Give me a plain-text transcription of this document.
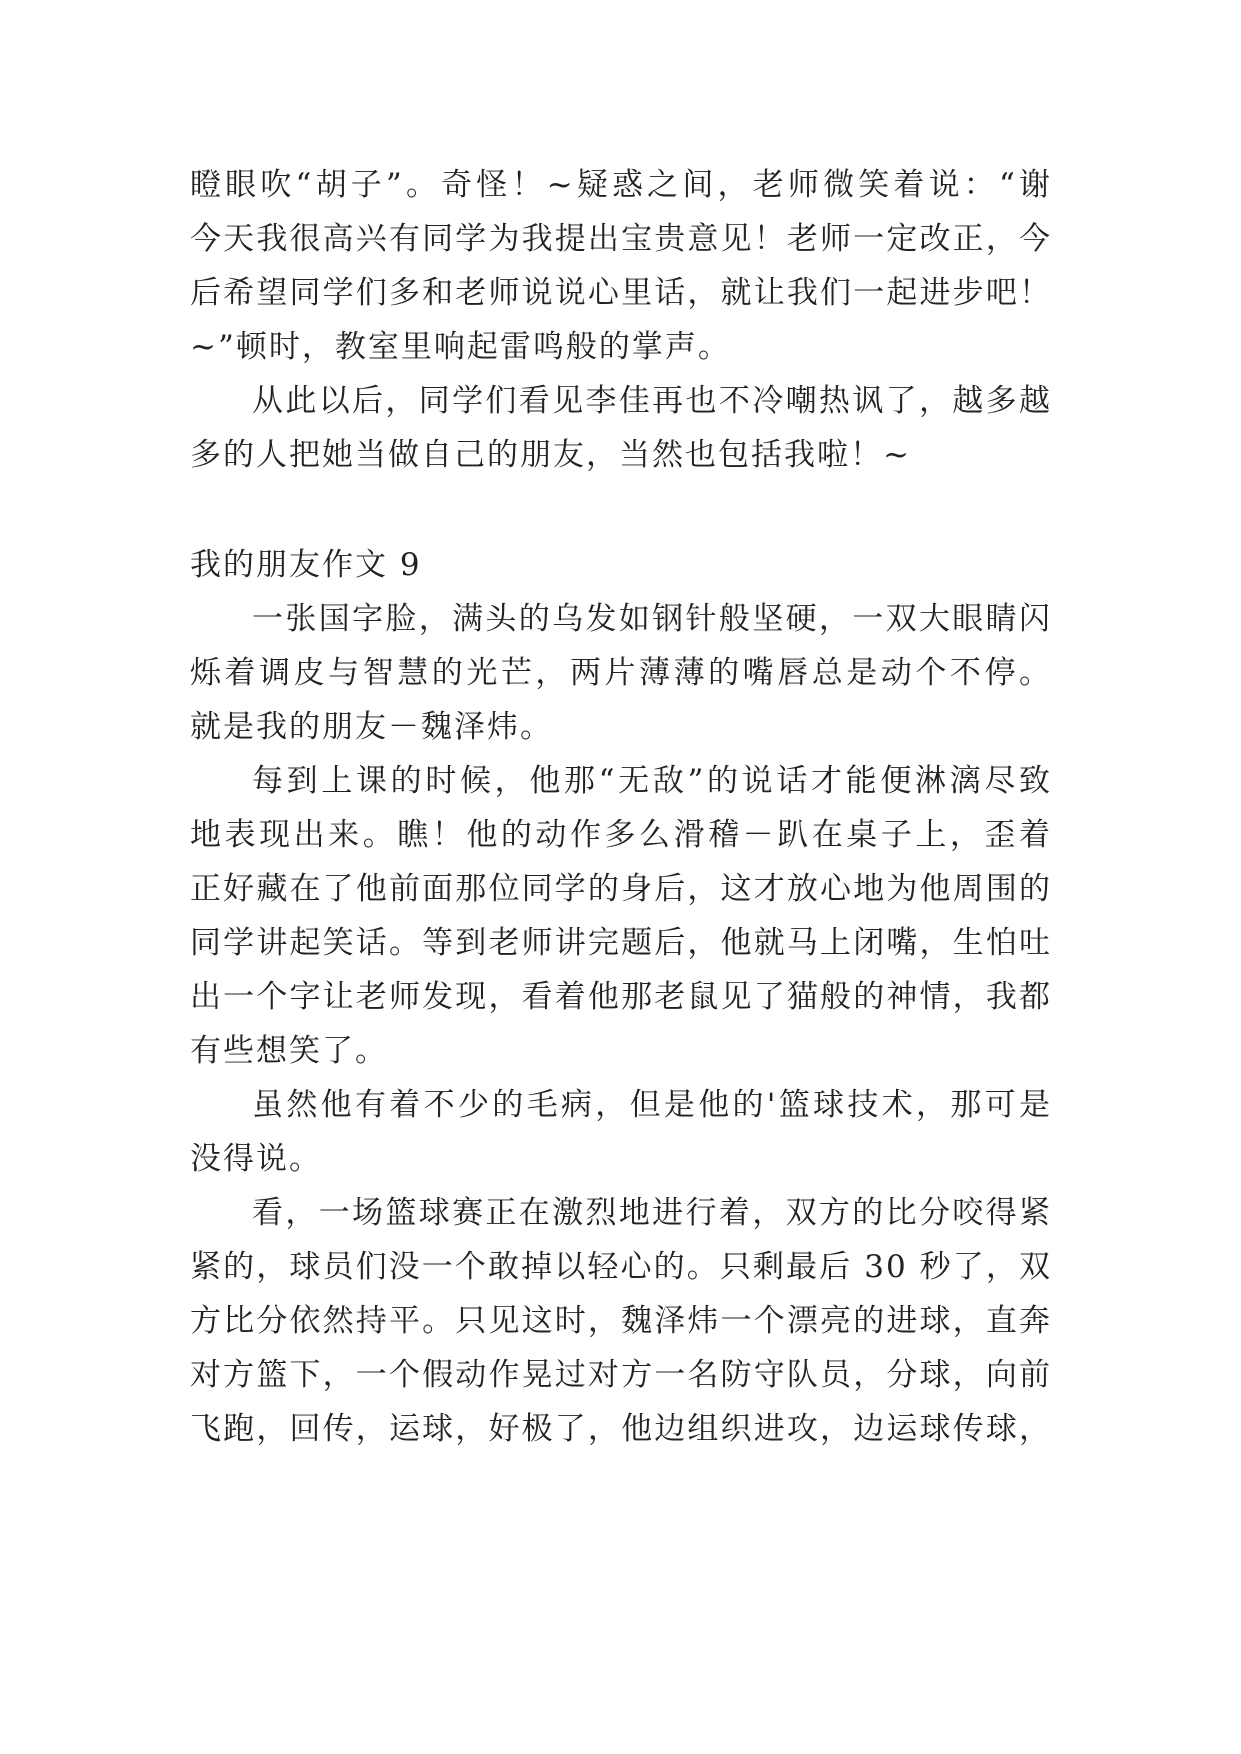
瞪眼吹“胡子”。奇怪！~疑惑之间，老师微笑着说：“谢
今天我很高兴有同学为我提出宝贵意见！老师一定改正，今
后希望同学们多和老师说说心里话，就让我们一起进步吧！
~”顿时，教室里响起雷鸣般的掌声。

从此以后，同学们看见李佳再也不冷嘲热讽了，越多越
多的人把她当做自己的朋友，当然也包括我啦！~

我的朋友作文 9

一张国字脸，满头的乌发如钢针般坚硬，一双大眼睛闪
烁着调皮与智慧的光芒，两片薄薄的嘴唇总是动个不停。
就是我的朋友－魏泽炜。

每到上课的时候，他那“无敌”的说话才能便淋漓尽致
地表现出来。瞧！他的动作多么滑稽－趴在桌子上，歪着
正好藏在了他前面那位同学的身后，这才放心地为他周围的
同学讲起笑话。等到老师讲完题后，他就马上闭嘴，生怕吐
出一个字让老师发现，看着他那老鼠见了猫般的神情，我都
有些想笑了。

虽然他有着不少的毛病，但是他的'篮球技术，那可是
没得说。

看，一场篮球赛正在激烈地进行着，双方的比分咬得紧
紧的，球员们没一个敢掉以轻心的。只剩最后 30 秒了，双
方比分依然持平。只见这时，魏泽炜一个漂亮的进球，直奔
对方篮下，一个假动作晃过对方一名防守队员，分球，向前
飞跑，回传，运球，好极了，他边组织进攻，边运球传球，
